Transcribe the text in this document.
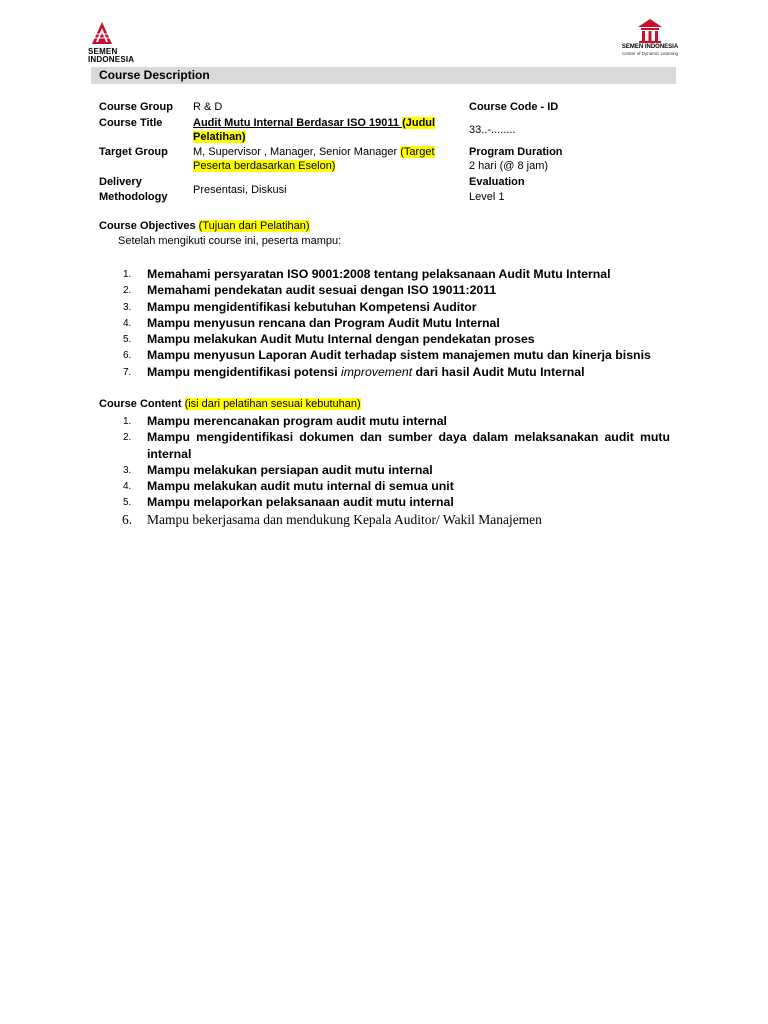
SEMEN
INDONESIA
SEMEN INDONESIA
Center of Dynamic Learning
Course Description
Course Group R & D
Course Title	Audit Mutu Internal Berdasar ISO 19011 (Judul Pelatihan)
Target Group M, Supervisor , Manager, Senior Manager (Target Peserta berdasarkan Eselon)
Delivery
Methodology
Presentasi, Diskusi
Course Code - ID
33..-........
Program Duration
2 hari (@ 8 jam)
Evaluation
Level 1
Course Objectives (Tujuan dari Pelatihan)
Setelah mengikuti course ini, peserta mampu:
1. Memahami persyaratan ISO 9001:2008 tentang pelaksanaan Audit Mutu Internal
2. Memahami pendekatan audit sesuai dengan ISO 19011:2011
3. Mampu mengidentifikasi kebutuhan Kompetensi Auditor
4. Mampu menyusun rencana dan Program Audit Mutu Internal
5. Mampu melakukan Audit Mutu Internal dengan pendekatan proses
6. Mampu menyusun Laporan Audit terhadap sistem manajemen mutu dan kinerja bisnis
7. Mampu mengidentifikasi potensi improvement dari hasil Audit Mutu Internal
Course Content (isi dari pelatihan sesuai kebutuhan)
1. Mampu merencanakan program audit mutu internal
2. Mampu mengidentifikasi dokumen dan sumber daya dalam melaksanakan audit mutu internal
3. Mampu melakukan persiapan audit mutu internal
4. Mampu melakukan audit mutu internal di semua unit
5. Mampu melaporkan pelaksanaan audit mutu internal
6. Mampu bekerjasama dan mendukung Kepala Auditor/ Wakil Manajemen
